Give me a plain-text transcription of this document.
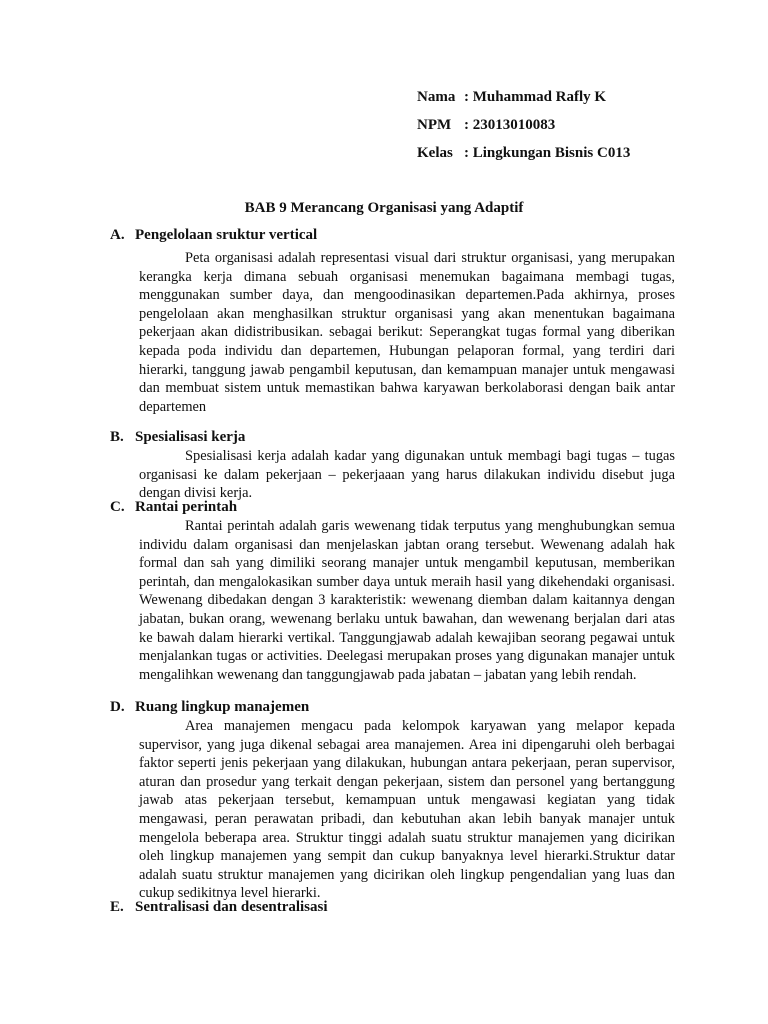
Nama : Muhammad Rafly K
NPM : 23013010083
Kelas : Lingkungan Bisnis C013
BAB 9 Merancang Organisasi yang Adaptif
A. Pengelolaan sruktur vertical
Peta organisasi adalah representasi visual dari struktur organisasi, yang merupakan kerangka kerja dimana sebuah organisasi menemukan bagaimana membagi tugas, menggunakan sumber daya, dan mengoodinasikan departemen.Pada akhirnya, proses pengelolaan akan menghasilkan struktur organisasi yang akan menentukan bagaimana pekerjaan akan didistribusikan. sebagai berikut: Seperangkat tugas formal yang diberikan kepada poda individu dan departemen, Hubungan pelaporan formal, yang terdiri dari hierarki, tanggung jawab pengambil keputusan, dan kemampuan manajer untuk mengawasi dan membuat sistem untuk memastikan bahwa karyawan berkolaborasi dengan baik antar departemen
B. Spesialisasi kerja
Spesialisasi kerja adalah kadar yang digunakan untuk membagi bagi tugas – tugas organisasi ke dalam pekerjaan – pekerjaaan yang harus dilakukan individu disebut juga dengan divisi kerja.
C. Rantai perintah
Rantai perintah adalah garis wewenang tidak terputus yang menghubungkan semua individu dalam organisasi dan menjelaskan jabtan orang tersebut. Wewenang adalah hak formal dan sah yang dimiliki seorang manajer untuk mengambil keputusan, memberikan perintah, dan mengalokasikan sumber daya untuk meraih hasil yang dikehendaki organisasi. Wewenang dibedakan dengan 3 karakteristik: wewenang diemban dalam kaitannya dengan jabatan, bukan orang, wewenang berlaku untuk bawahan, dan wewenang berjalan dari atas ke bawah dalam hierarki vertikal. Tanggungjawab adalah kewajiban seorang pegawai untuk menjalankan tugas or activities. Deelegasi merupakan proses yang digunakan manajer untuk mengalihkan wewenang dan tanggungjawab pada jabatan – jabatan yang lebih rendah.
D. Ruang lingkup manajemen
Area manajemen mengacu pada kelompok karyawan yang melapor kepada supervisor, yang juga dikenal sebagai area manajemen. Area ini dipengaruhi oleh berbagai faktor seperti jenis pekerjaan yang dilakukan, hubungan antara pekerjaan, peran supervisor, aturan dan prosedur yang terkait dengan pekerjaan, sistem dan personel yang bertanggung jawab atas pekerjaan tersebut, kemampuan untuk mengawasi kegiatan yang tidak mengawasi, peran perawatan pribadi, dan kebutuhan akan lebih banyak manajer untuk mengelola beberapa area. Struktur tinggi adalah suatu struktur manajemen yang dicirikan oleh lingkup manajemen yang sempit dan cukup banyaknya level hierarki.Struktur datar adalah suatu struktur manajemen yang dicirikan oleh lingkup pengendalian yang luas dan cukup sedikitnya level hierarki.
E. Sentralisasi dan desentralisasi
